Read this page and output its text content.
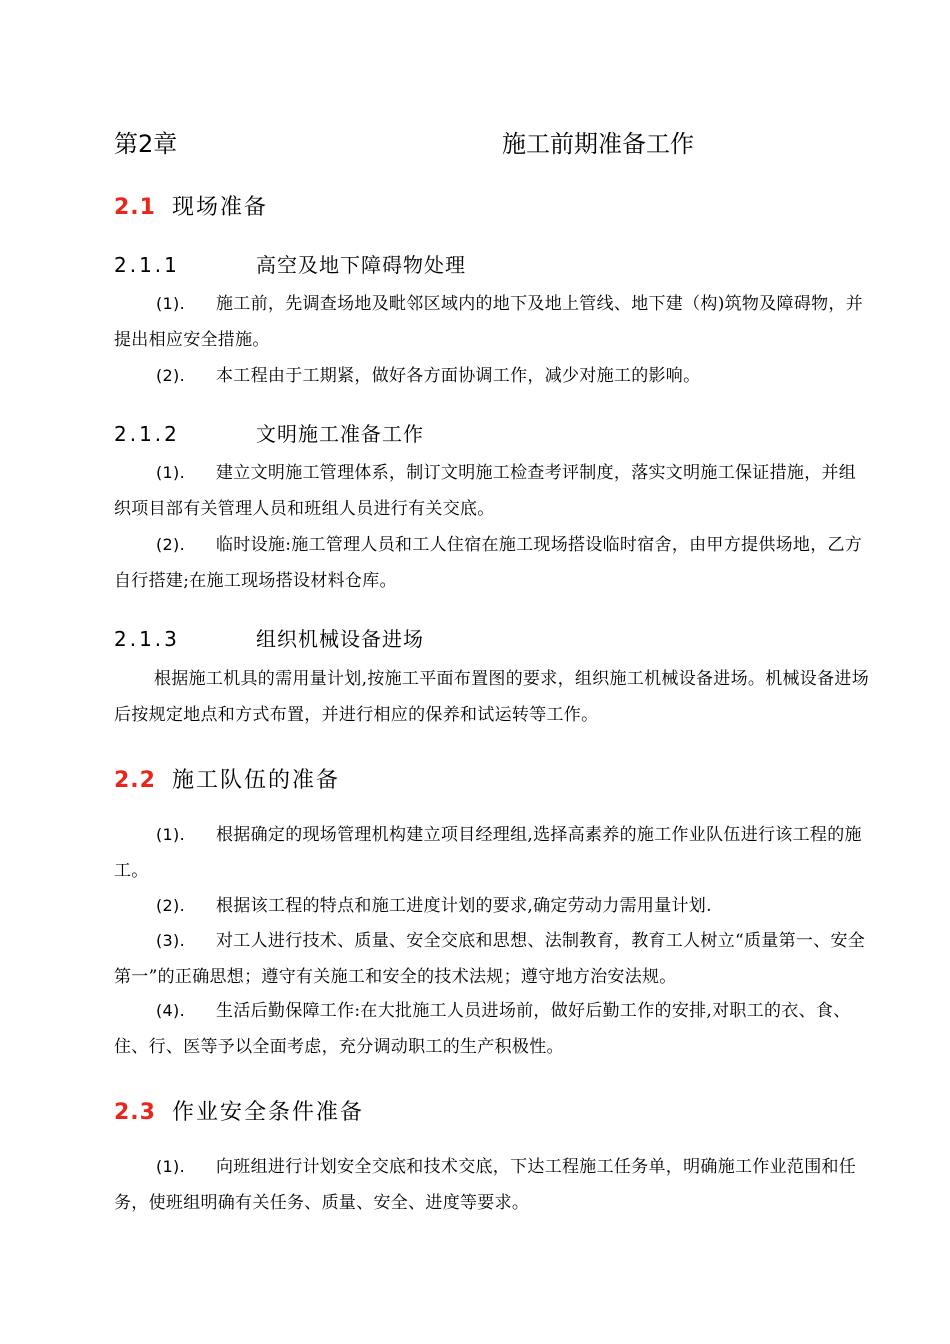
第2章	施工前期准备工作
2.1 现场准备
2.1.1	高空及地下障碍物处理
(1). 施工前，先调查场地及毗邻区域内的地下及地上管线、地下建（构)筑物及障碍物，并提出相应安全措施。
(2). 本工程由于工期紧，做好各方面协调工作，减少对施工的影响。
2.1.2	文明施工准备工作
(1). 建立文明施工管理体系，制订文明施工检查考评制度，落实文明施工保证措施，并组织项目部有关管理人员和班组人员进行有关交底。
(2). 临时设施:施工管理人员和工人住宿在施工现场搭设临时宿舍，由甲方提供场地，乙方自行搭建;在施工现场搭设材料仓库。
2.1.3	组织机械设备进场
根据施工机具的需用量计划,按施工平面布置图的要求，组织施工机械设备进场。机械设备进场后按规定地点和方式布置，并进行相应的保养和试运转等工作。
2.2 施工队伍的准备
(1). 根据确定的现场管理机构建立项目经理组,选择高素养的施工作业队伍进行该工程的施工。
(2). 根据该工程的特点和施工进度计划的要求,确定劳动力需用量计划.
(3). 对工人进行技术、质量、安全交底和思想、法制教育，教育工人树立“质量第一、安全第一”的正确思想；遵守有关施工和安全的技术法规；遵守地方治安法规。
(4). 生活后勤保障工作:在大批施工人员进场前，做好后勤工作的安排,对职工的衣、食、住、行、医等予以全面考虑，充分调动职工的生产积极性。
2.3 作业安全条件准备
(1). 向班组进行计划安全交底和技术交底，下达工程施工任务单，明确施工作业范围和任务，使班组明确有关任务、质量、安全、进度等要求。
